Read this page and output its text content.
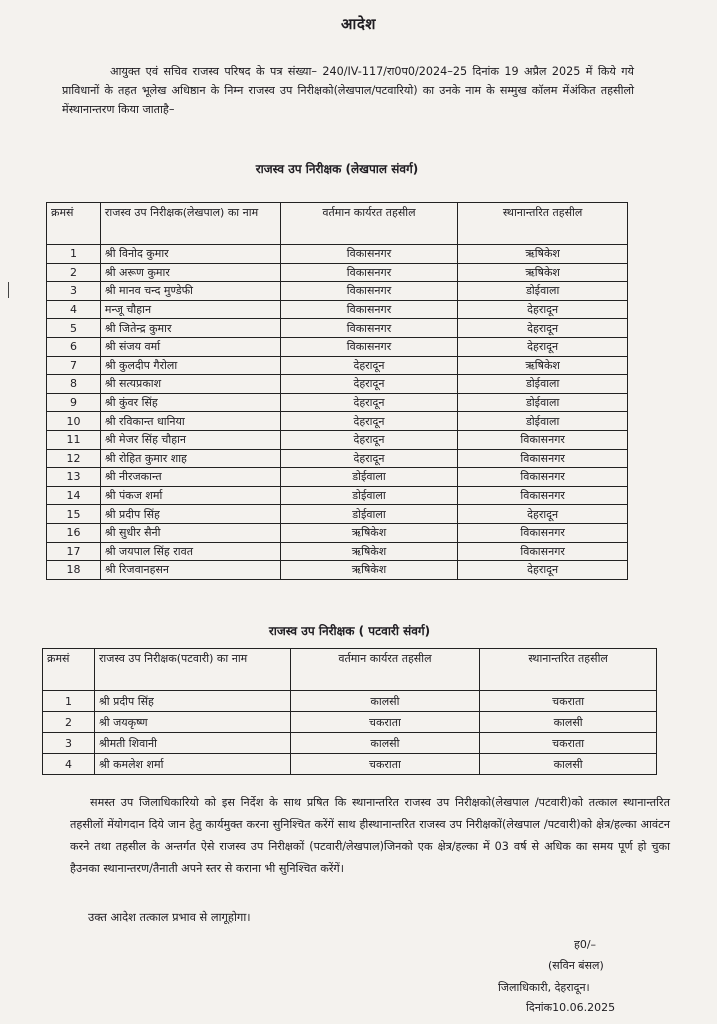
आदेश
आयुक्त एवं सचिव राजस्व परिषद के पत्र संख्या– 240/IV-117/रा0प0/2024–25 दिनांक 19 अप्रैल 2025 में किये गये प्राविधानों के तहत भूलेख अधिष्ठान के निम्न राजस्व उप निरीक्षको(लेखपाल/पटवारियो) का उनके नाम के सम्मुख कॉलम मेंअंकित तहसीलो मेंस्थानान्तरण किया जाताहै–
राजस्व उप निरीक्षक (लेखपाल संवर्ग)
क्रमसं	राजस्व उप निरीक्षक(लेखपाल) का नाम	वर्तमान कार्यरत तहसील	स्थानान्तरित तहसील
1	श्री विनोद कुमार	विकासनगर	ऋषिकेश
2	श्री अरूण कुमार	विकासनगर	ऋषिकेश
3	श्री मानव चन्द मुण्डेफी	विकासनगर	डोईवाला
4	मन्जू चौहान	विकासनगर	देहरादून
5	श्री जितेन्द्र कुमार	विकासनगर	देहरादून
6	श्री संजय वर्मा	विकासनगर	देहरादून
7	श्री कुलदीप गैरोला	देहरादून	ऋषिकेश
8	श्री सत्यप्रकाश	देहरादून	डोईवाला
9	श्री कुंवर सिंह	देहरादून	डोईवाला
10	श्री रविकान्त धानिया	देहरादून	डोईवाला
11	श्री मेजर सिंह चौहान	देहरादून	विकासनगर
12	श्री रोहित कुमार शाह	देहरादून	विकासनगर
13	श्री नीरजकान्त	डोईवाला	विकासनगर
14	श्री पंकज शर्मा	डोईवाला	विकासनगर
15	श्री प्रदीप सिंह	डोईवाला	देहरादून
16	श्री सुधीर सैनी	ऋषिकेश	विकासनगर
17	श्री जयपाल सिंह रावत	ऋषिकेश	विकासनगर
18	श्री रिजवानहसन	ऋषिकेश	देहरादून
राजस्व उप निरीक्षक ( पटवारी संवर्ग)
क्रमसं	राजस्व उप निरीक्षक(पटवारी) का नाम	वर्तमान कार्यरत तहसील	स्थानान्तरित तहसील
1	श्री प्रदीप सिंह	कालसी	चकराता
2	श्री जयकृष्ण	चकराता	कालसी
3	श्रीमती शिवानी	कालसी	चकराता
4	श्री कमलेश शर्मा	चकराता	कालसी
समस्त उप जिलाधिकारियो को इस निर्देश के साथ प्रषित कि स्थानान्तरित राजस्व उप निरीक्षको(लेखपाल /पटवारी)को तत्काल स्थानान्तरित तहसीलों मेंयोगदान दिये जान हेतु कार्यमुक्त करना सुनिश्चित करेंगें साथ हीस्थानान्तरित राजस्व उप निरीक्षकों(लेखपाल /पटवारी)को क्षेत्र/हल्का आवंटन करने तथा तहसील के अन्तर्गत ऐसे राजस्व उप निरीक्षकों (पटवारी/लेखपाल)जिनको एक क्षेत्र/हल्का में 03 वर्ष से अधिक का समय पूर्ण हो चुका हैउनका स्थानान्तरण/तैनाती अपने स्तर से कराना भी सुनिश्चित करेंगें।
उक्त आदेश तत्काल प्रभाव से लागूहोगा।
ह0/–
(सविन बंसल)
जिलाधिकारी, देहरादून।
दिनांक10.06.2025
